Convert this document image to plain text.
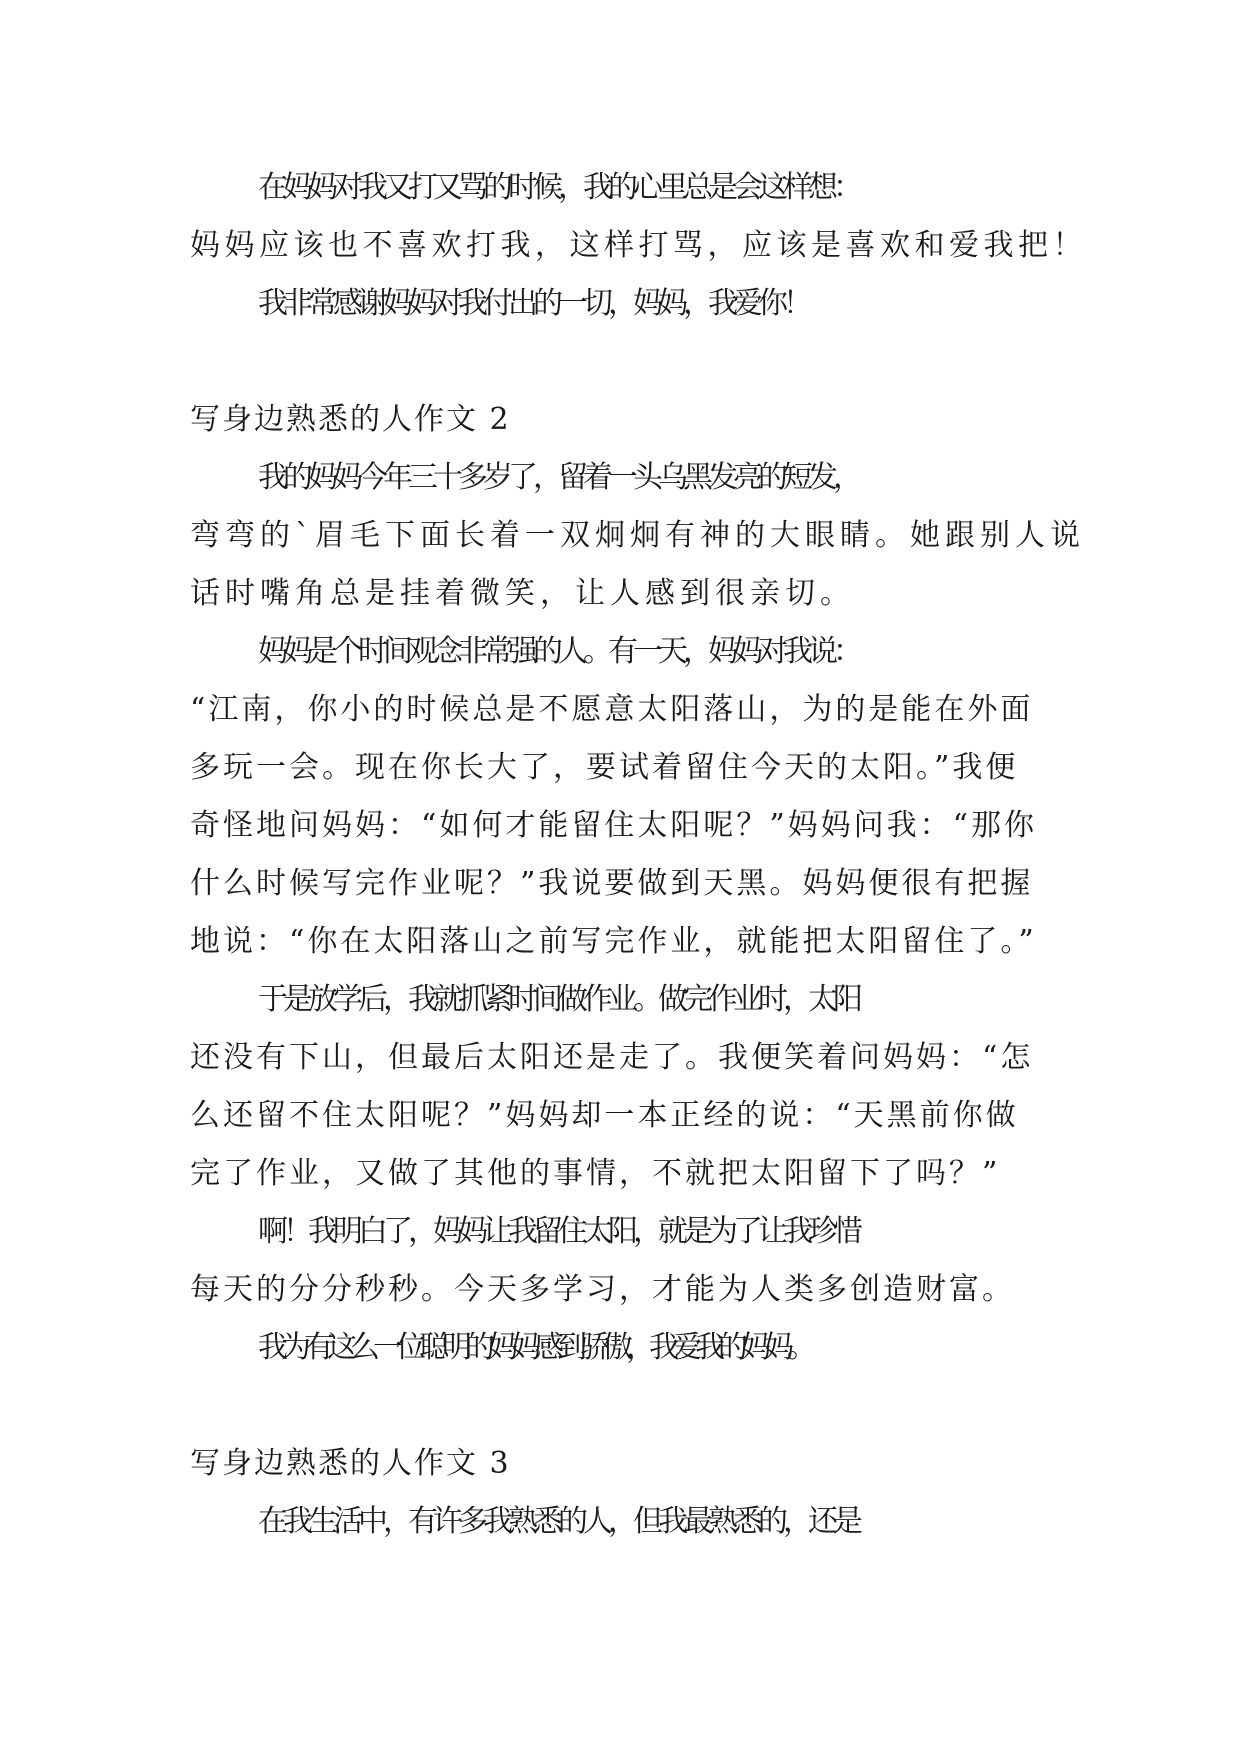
在妈妈对我又打又骂的时候，我的心里总是会这样想：
妈妈应该也不喜欢打我，这样打骂，应该是喜欢和爱我把！
我非常感谢妈妈对我付出的一切，妈妈，我爱你！
写身边熟悉的人作文 2
我的妈妈今年三十多岁了，留着一头乌黑发亮的短发，
弯弯的`眉毛下面长着一双炯炯有神的大眼睛。她跟别人说
话时嘴角总是挂着微笑，让人感到很亲切。
妈妈是个时间观念非常强的人。有一天，妈妈对我说：
“江南，你小的时候总是不愿意太阳落山，为的是能在外面
多玩一会。现在你长大了，要试着留住今天的太阳。”我便
奇怪地问妈妈：“如何才能留住太阳呢？”妈妈问我：“那你
什么时候写完作业呢？”我说要做到天黑。妈妈便很有把握
地说：“你在太阳落山之前写完作业，就能把太阳留住了。”
于是放学后，我就抓紧时间做作业。做完作业时，太阳
还没有下山，但最后太阳还是走了。我便笑着问妈妈：“怎
么还留不住太阳呢？”妈妈却一本正经的说：“天黑前你做
完了作业，又做了其他的事情，不就把太阳留下了吗？”
啊！我明白了，妈妈让我留住太阳，就是为了让我珍惜
每天的分分秒秒。今天多学习，才能为人类多创造财富。
我为有这么一位聪明的妈妈感到骄傲，我爱我的妈妈。
写身边熟悉的人作文 3
在我生活中，有许多我熟悉的人，但我最熟悉的，还是
